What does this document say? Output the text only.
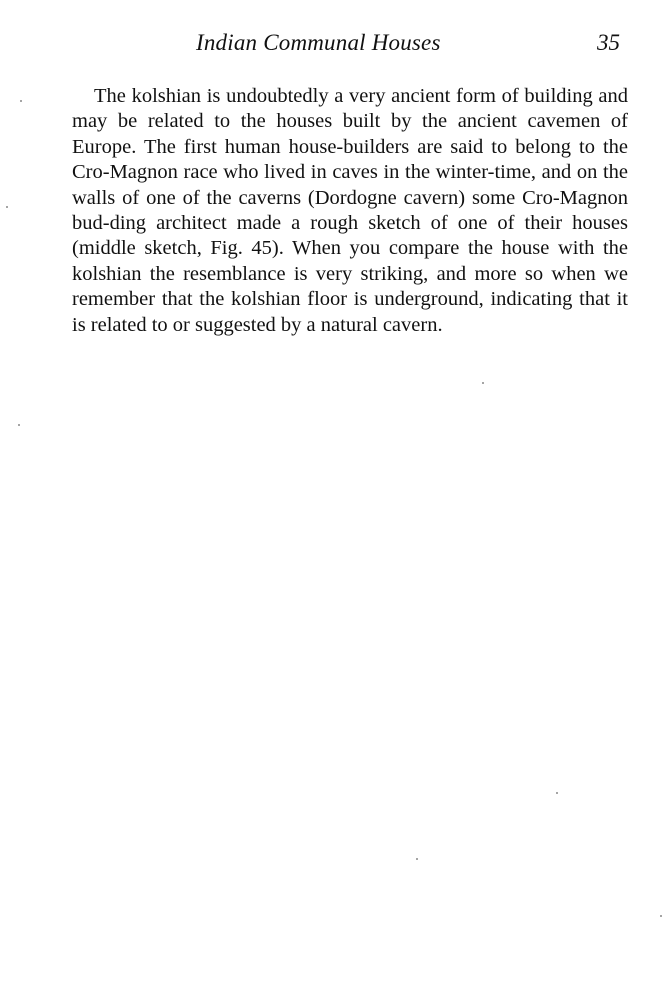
Indian Communal Houses	35

The kolshian is undoubtedly a very ancient form of building and may be related to the houses built by the ancient cavemen of Europe. The first human house-builders are said to belong to the Cro-Magnon race who lived in caves in the winter-time, and on the walls of one of the caverns (Dordogne cavern) some Cro-Magnon bud-ding architect made a rough sketch of one of their houses (middle sketch, Fig. 45). When you compare the house with the kolshian the resemblance is very striking, and more so when we remember that the kolshian floor is underground, indicating that it is related to or suggested by a natural cavern.
